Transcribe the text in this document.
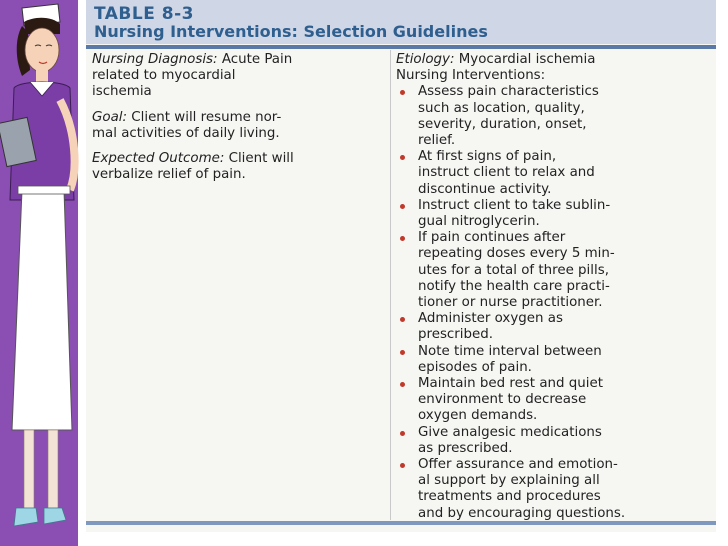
TABLE 8-3
Nursing Interventions: Selection Guidelines
Nursing Diagnosis: Acute Pain
related to myocardial
ischemia
Goal: Client will resume nor-
mal activities of daily living.
Expected Outcome: Client will
verbalize relief of pain.
Etiology: Myocardial ischemia
Nursing Interventions:
Assess pain characteristics
such as location, quality,
severity, duration, onset,
relief.
At first signs of pain,
instruct client to relax and
discontinue activity.
Instruct client to take sublin-
gual nitroglycerin.
If pain continues after
repeating doses every 5 min-
utes for a total of three pills,
notify the health care practi-
tioner or nurse practitioner.
Administer oxygen as
prescribed.
Note time interval between
episodes of pain.
Maintain bed rest and quiet
environment to decrease
oxygen demands.
Give analgesic medications
as prescribed.
Offer assurance and emotion-
al support by explaining all
treatments and procedures
and by encouraging questions.
